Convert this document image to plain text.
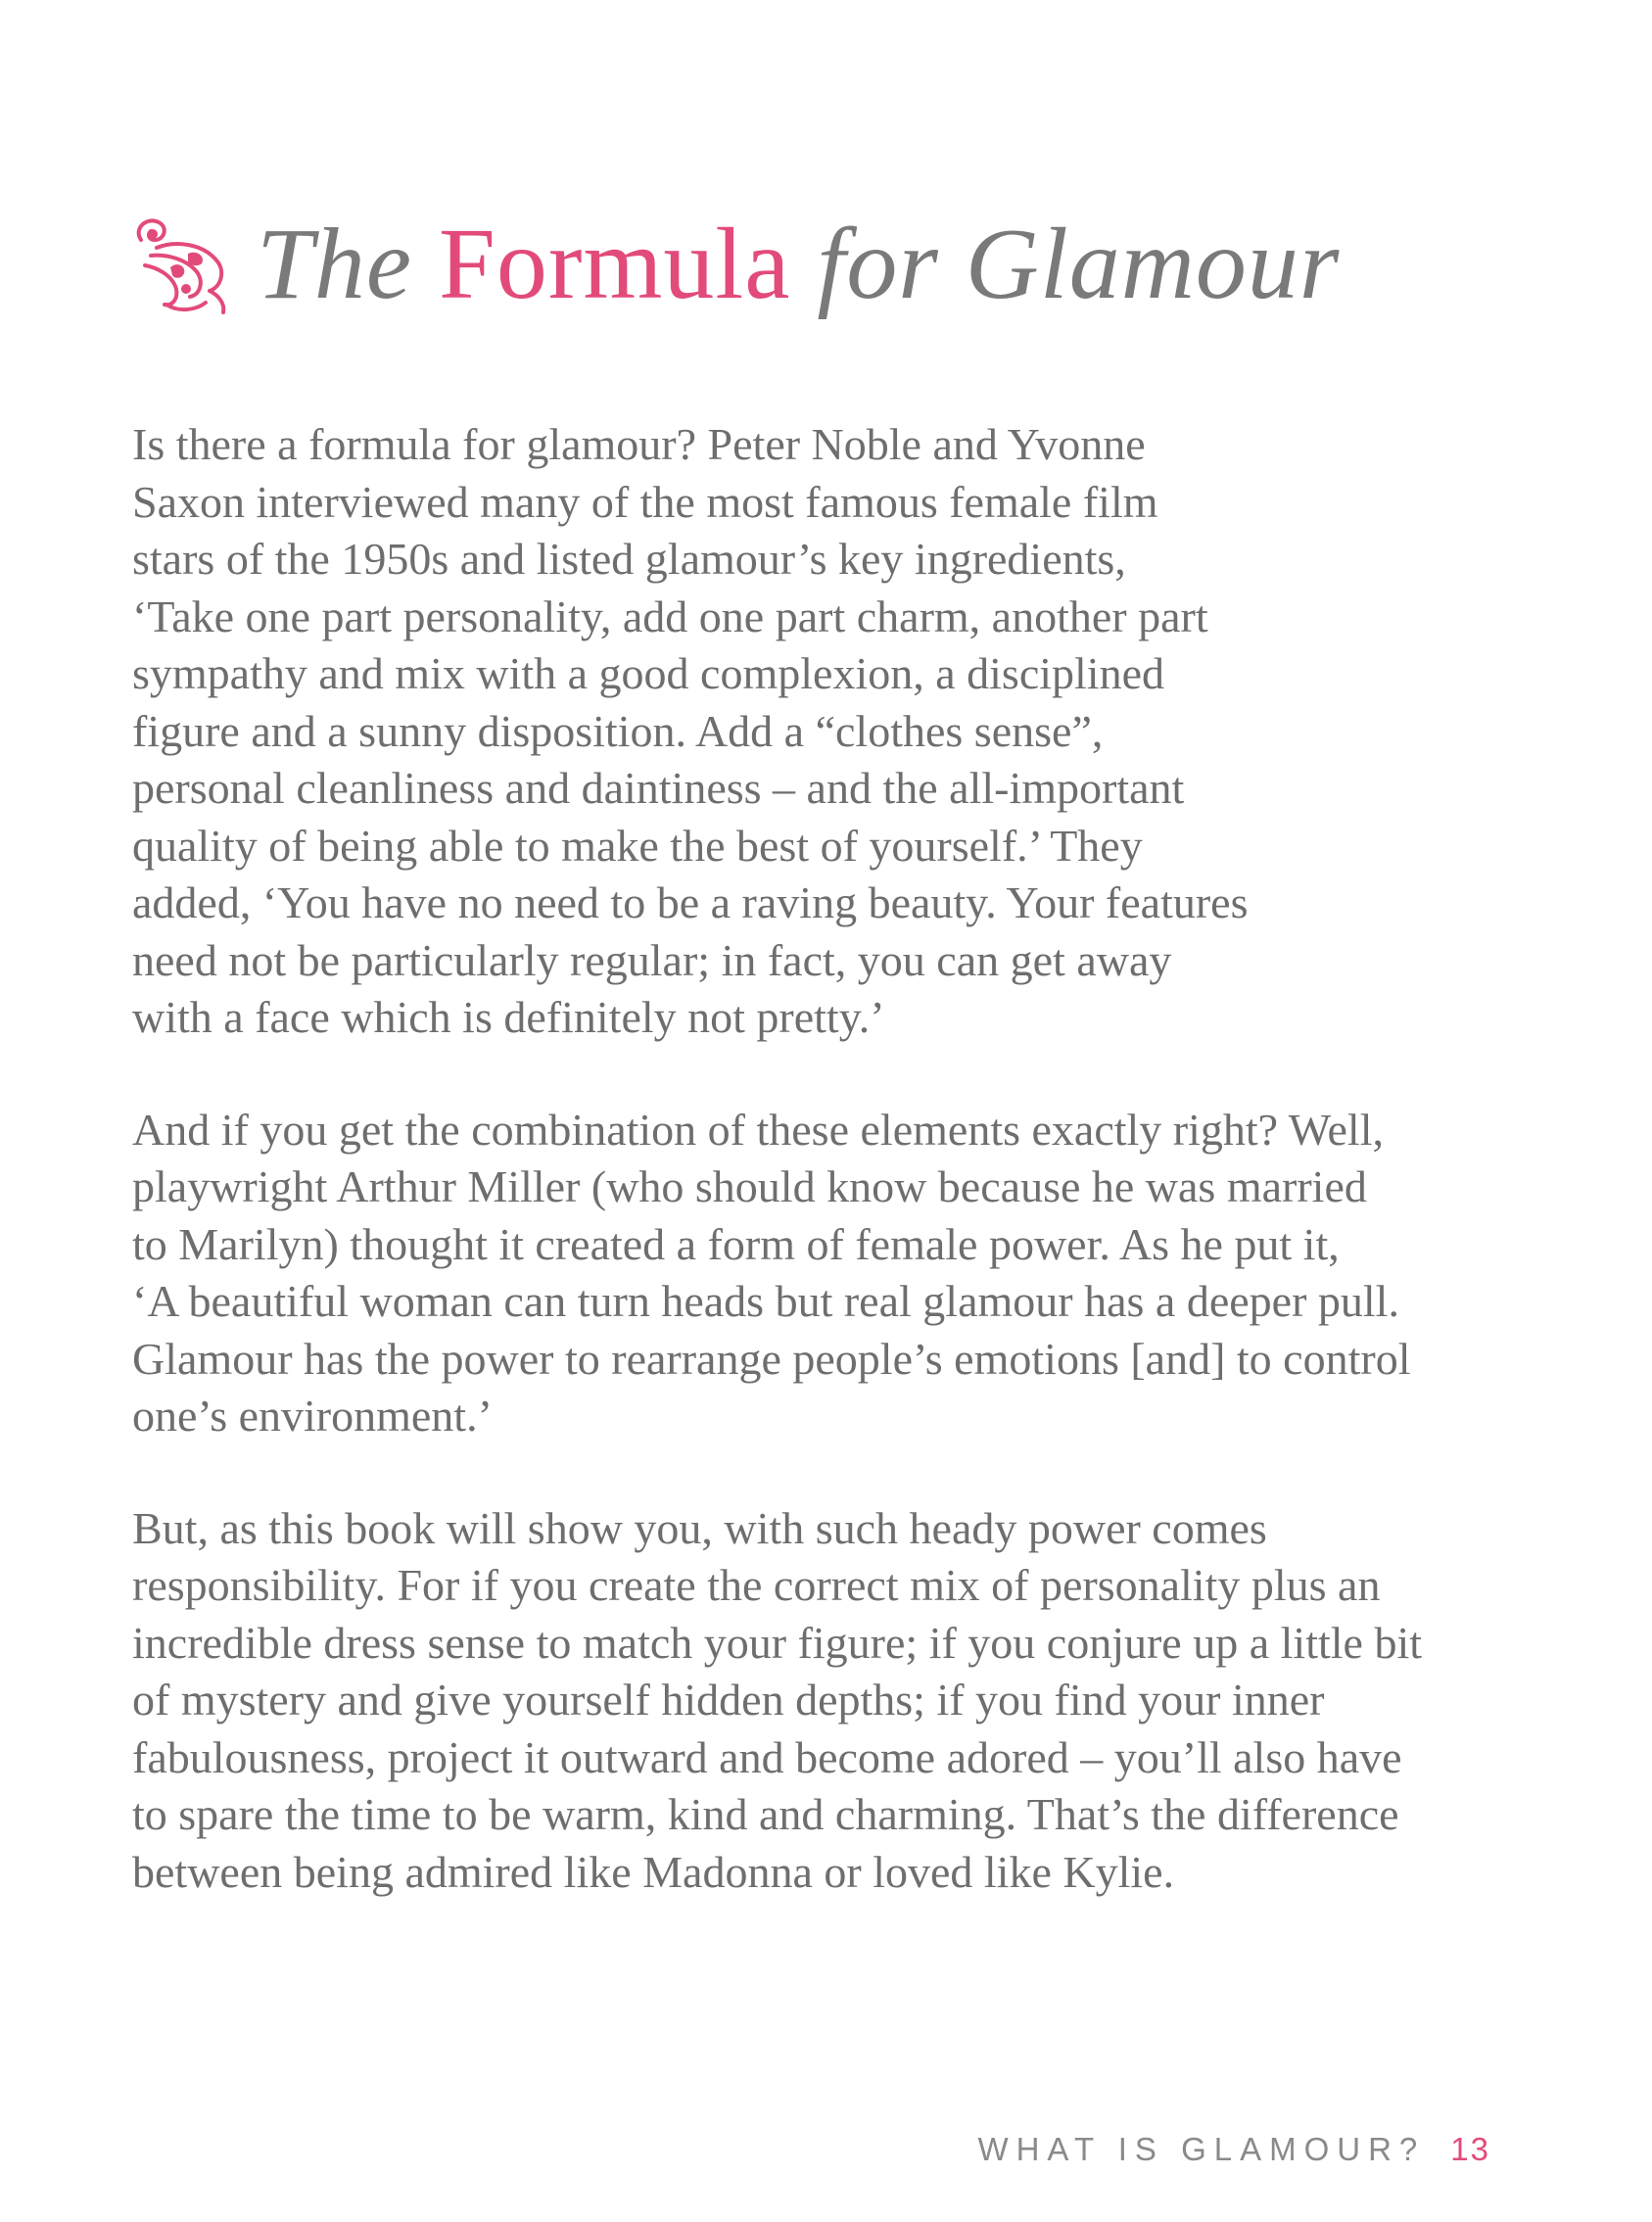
The Formula for Glamour

Is there a formula for glamour? Peter Noble and Yvonne
Saxon interviewed many of the most famous female film
stars of the 1950s and listed glamour’s key ingredients,
‘Take one part personality, add one part charm, another part
sympathy and mix with a good complexion, a disciplined
figure and a sunny disposition. Add a “clothes sense”,
personal cleanliness and daintiness – and the all-important
quality of being able to make the best of yourself.’ They
added, ‘You have no need to be a raving beauty. Your features
need not be particularly regular; in fact, you can get away
with a face which is definitely not pretty.’

And if you get the combination of these elements exactly right? Well,
playwright Arthur Miller (who should know because he was married
to Marilyn) thought it created a form of female power. As he put it,
‘A beautiful woman can turn heads but real glamour has a deeper pull.
Glamour has the power to rearrange people’s emotions [and] to control
one’s environment.’

But, as this book will show you, with such heady power comes
responsibility. For if you create the correct mix of personality plus an
incredible dress sense to match your figure; if you conjure up a little bit
of mystery and give yourself hidden depths; if you find your inner
fabulousness, project it outward and become adored – you’ll also have
to spare the time to be warm, kind and charming. That’s the difference
between being admired like Madonna or loved like Kylie.

WHAT IS GLAMOUR? 13
